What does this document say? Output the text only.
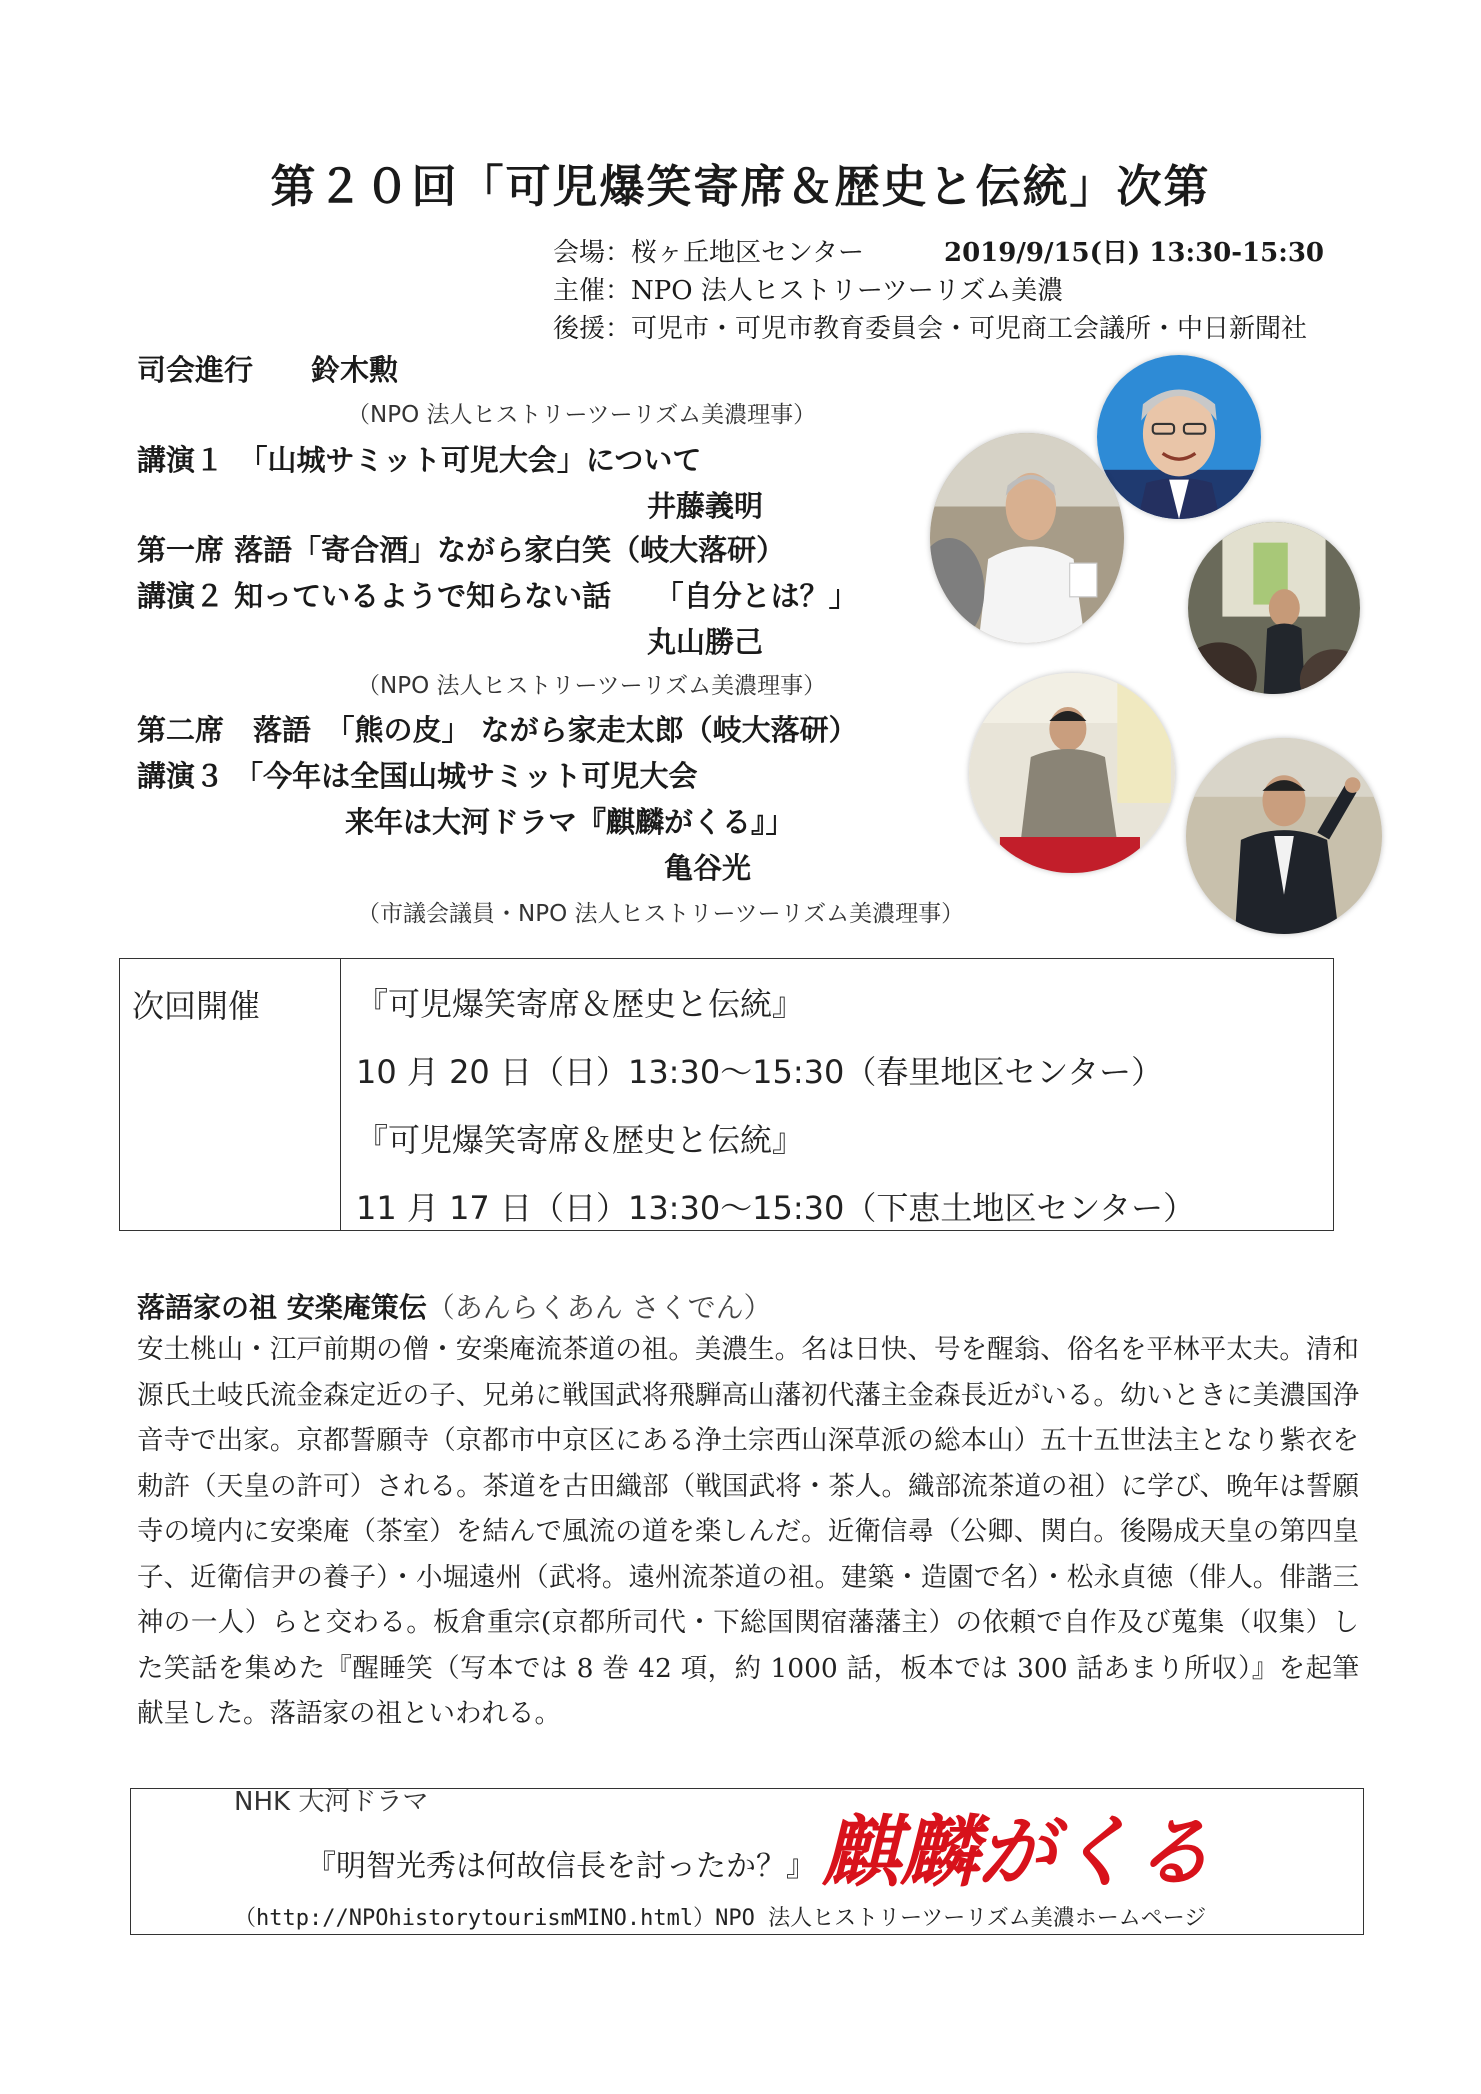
第２０回「可児爆笑寄席＆歴史と伝統」次第
会場：桜ヶ丘地区センター	2019/9/15(日) 13:30-15:30
主催：NPO 法人ヒストリーツーリズム美濃
後援：可児市・可児市教育委員会・可児商工会議所・中日新聞社
司会進行　　鈴木勲
（NPO 法人ヒストリーツーリズム美濃理事）
講演１　「山城サミット可児大会」について
井藤義明
第一席 落語「寄合酒」ながら家白笑（岐大落研）
講演２ 知っているようで知らない話　　「自分とは？」
丸山勝己
（NPO 法人ヒストリーツーリズム美濃理事）
第二席　落語　「熊の皮」 ながら家走太郎（岐大落研）
講演３ 「今年は全国山城サミット可児大会
来年は大河ドラマ『麒麟がくる』」
亀谷光
（市議会議員・NPO 法人ヒストリーツーリズム美濃理事）
次回開催	『可児爆笑寄席＆歴史と伝統』
10 月 20 日（日）13:30〜15:30（春里地区センター）
『可児爆笑寄席＆歴史と伝統』
11 月 17 日（日）13:30〜15:30（下恵土地区センター）
落語家の祖 安楽庵策伝（あんらくあん さくでん）
安土桃山・江戸前期の僧・安楽庵流茶道の祖。美濃生。名は日快、号を醒翁、俗名を平林平太夫。清和源氏土岐氏流金森定近の子、兄弟に戦国武将飛騨高山藩初代藩主金森長近がいる。幼いときに美濃国浄音寺で出家。京都誓願寺（京都市中京区にある浄土宗西山深草派の総本山）五十五世法主となり紫衣を勅許（天皇の許可）される。茶道を古田織部（戦国武将・茶人。織部流茶道の祖）に学び、晩年は誓願寺の境内に安楽庵（茶室）を結んで風流の道を楽しんだ。近衛信尋（公卿、関白。後陽成天皇の第四皇子、近衛信尹の養子）・小堀遠州（武将。遠州流茶道の祖。建築・造園で名）・松永貞徳（俳人。俳諧三神の一人）らと交わる。板倉重宗(京都所司代・下総国関宿藩藩主）の依頼で自作及び蒐集（収集）した笑話を集めた『醒睡笑（写本では 8 巻 42 項，約 1000 話，板本では 300 話あまり所収）』を起筆献呈した。落語家の祖といわれる。
NHK 大河ドラマ
『明智光秀は何故信長を討ったか？』 麒麟がくる
（http://NPOhistorytourismMINO.html）NPO 法人ヒストリーツーリズム美濃ホームページ
